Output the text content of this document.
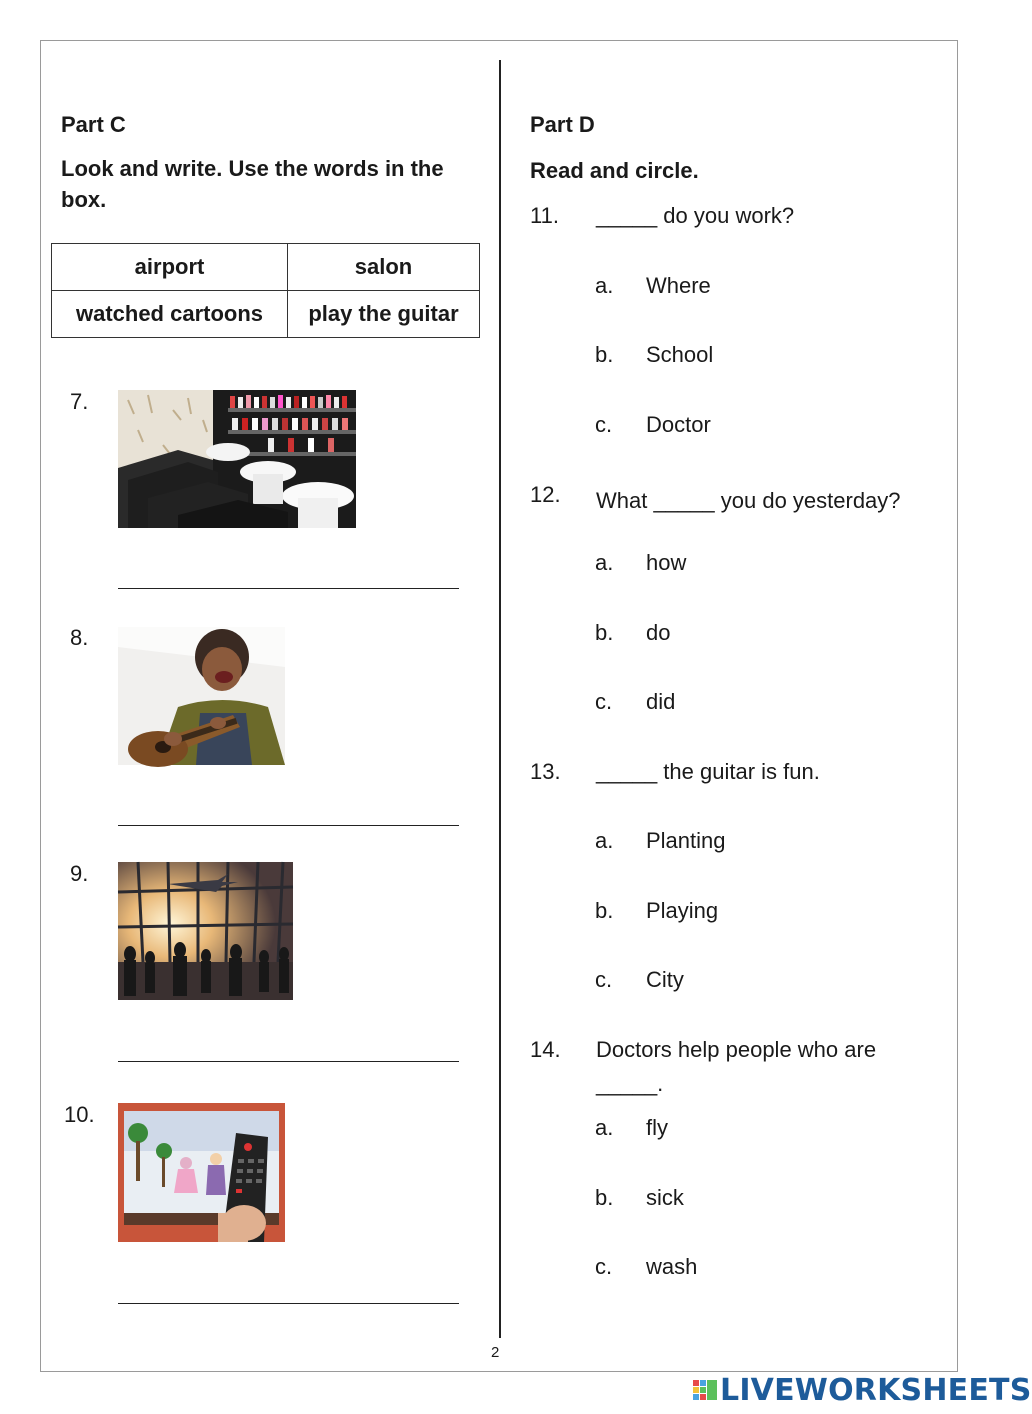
Part C
Look and write. Use the words in the box.
airport	salon
watched cartoons	play the guitar
7.
8.
9.
10.
Part D
Read and circle.
11. _____ do you work?
a. Where
b. School
c. Doctor
12. What _____ you do yesterday?
a. how
b. do
c. did
13. _____ the guitar is fun.
a. Planting
b. Playing
c. City
14. Doctors help people who are
_____.
a. fly
b. sick
c. wash
2
LIVEWORKSHEETS
